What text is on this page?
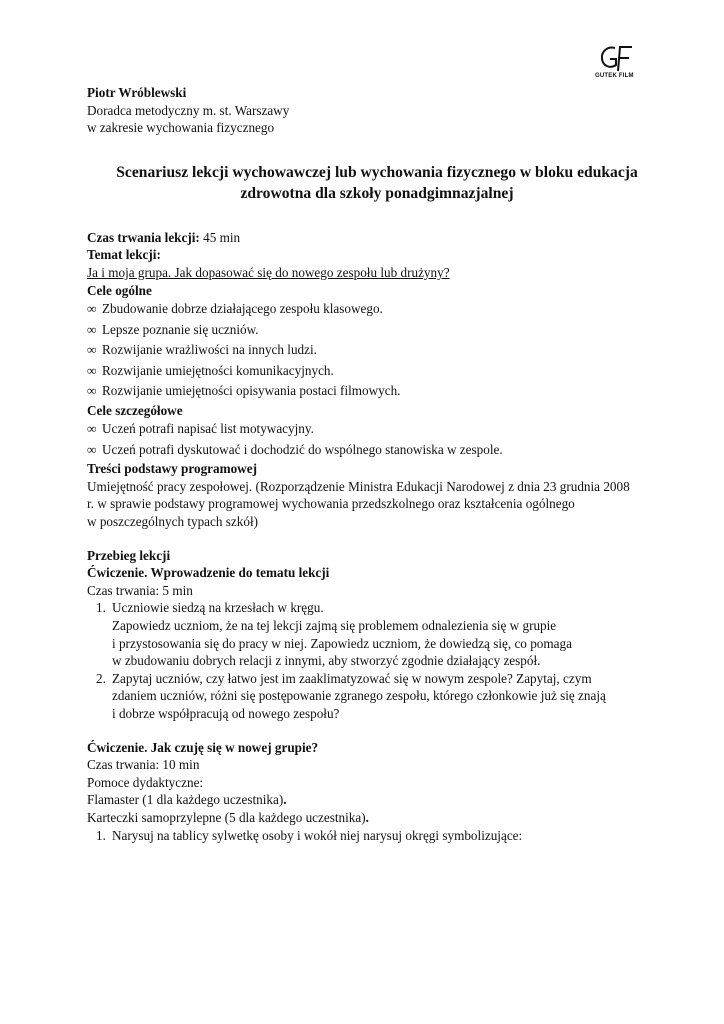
GUTEK FILM
Piotr Wróblewski
Doradca metodyczny m. st. Warszawy
w zakresie wychowania fizycznego
Scenariusz lekcji wychowawczej lub wychowania fizycznego w bloku edukacja zdrowotna dla szkoły ponadgimnazjalnej
Czas trwania lekcji: 45 min
Temat lekcji:
Ja i moja grupa. Jak dopasować się do nowego zespołu lub drużyny?
Cele ogólne
∞ Zbudowanie dobrze działającego zespołu klasowego.
∞ Lepsze poznanie się uczniów.
∞ Rozwijanie wrażliwości na innych ludzi.
∞ Rozwijanie umiejętności komunikacyjnych.
∞ Rozwijanie umiejętności opisywania postaci filmowych.
Cele szczegółowe
∞ Uczeń potrafi napisać list motywacyjny.
∞ Uczeń potrafi dyskutować i dochodzić do wspólnego stanowiska w zespole.
Treści podstawy programowej
Umiejętność pracy zespołowej. (Rozporządzenie Ministra Edukacji Narodowej z dnia 23 grudnia 2008
r. w sprawie podstawy programowej wychowania przedszkolnego oraz kształcenia ogólnego
w poszczególnych typach szkół)
Przebieg lekcji
Ćwiczenie. Wprowadzenie do tematu lekcji
Czas trwania: 5 min
1. Uczniowie siedzą na krzesłach w kręgu.
Zapowiedz uczniom, że na tej lekcji zajmą się problemem odnalezienia się w grupie
i przystosowania się do pracy w niej. Zapowiedz uczniom, że dowiedzą się, co pomaga
w zbudowaniu dobrych relacji z innymi, aby stworzyć zgodnie działający zespół.
2. Zapytaj uczniów, czy łatwo jest im zaaklimatyzować się w nowym zespole? Zapytaj, czym
zdaniem uczniów, różni się postępowanie zgranego zespołu, którego członkowie już się znają
i dobrze współpracują od nowego zespołu?
Ćwiczenie. Jak czuję się w nowej grupie?
Czas trwania: 10 min
Pomoce dydaktyczne:
Flamaster (1 dla każdego uczestnika).
Karteczki samoprzylepne (5 dla każdego uczestnika).
1. Narysuj na tablicy sylwetkę osoby i wokół niej narysuj okręgi symbolizujące:
